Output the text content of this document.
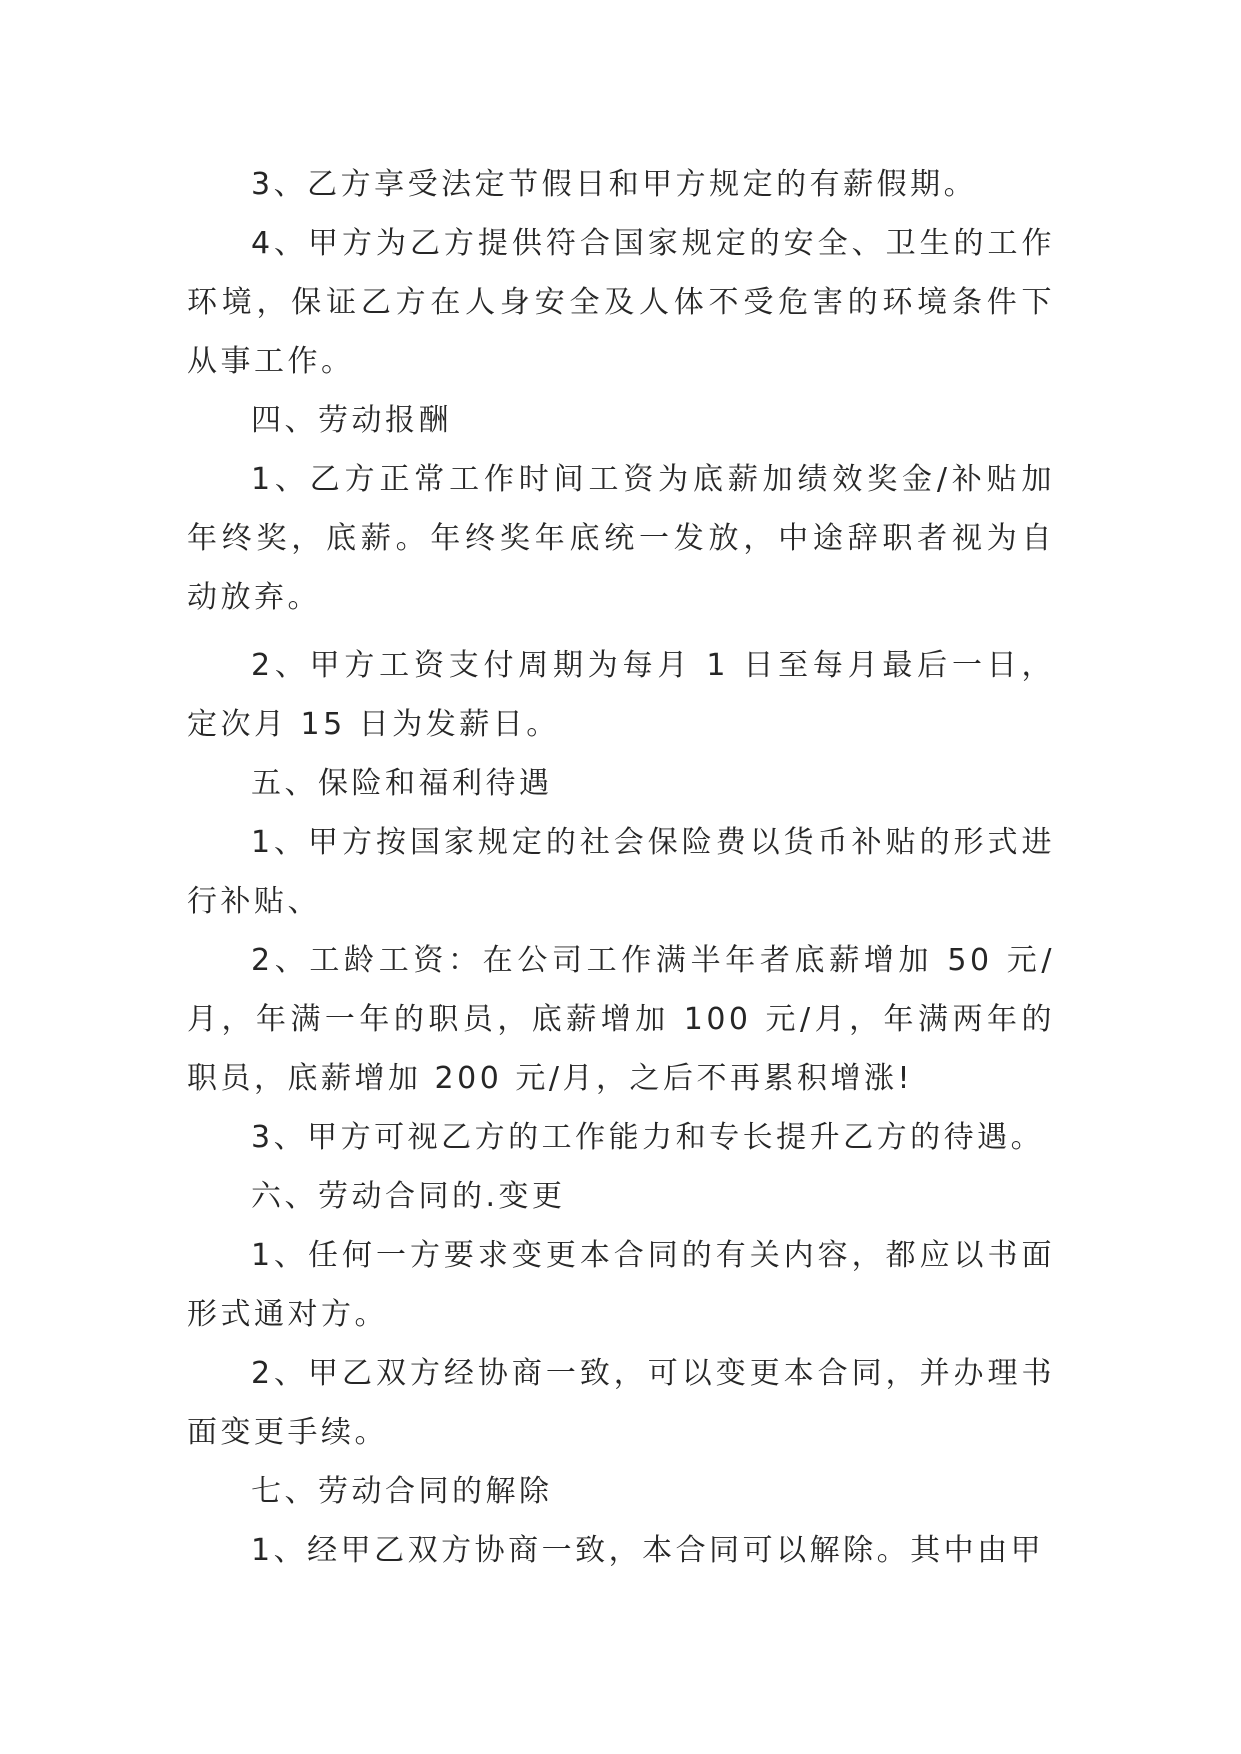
3、乙方享受法定节假日和甲方规定的有薪假期。

4、甲方为乙方提供符合国家规定的安全、卫生的工作环境，保证乙方在人身安全及人体不受危害的环境条件下从事工作。

四、劳动报酬

1、乙方正常工作时间工资为底薪加绩效奖金/补贴加年终奖，底薪。年终奖年底统一发放，中途辞职者视为自动放弃。

2、甲方工资支付周期为每月 1 日至每月最后一日，定次月 15 日为发薪日。

五、保险和福利待遇

1、甲方按国家规定的社会保险费以货币补贴的形式进行补贴、

2、工龄工资：在公司工作满半年者底薪增加 50 元/月，年满一年的职员，底薪增加 100 元/月，年满两年的职员，底薪增加 200 元/月，之后不再累积增涨!

3、甲方可视乙方的工作能力和专长提升乙方的待遇。

六、劳动合同的.变更

1、任何一方要求变更本合同的有关内容，都应以书面形式通对方。

2、甲乙双方经协商一致，可以变更本合同，并办理书面变更手续。

七、劳动合同的解除

1、经甲乙双方协商一致，本合同可以解除。其中由甲
